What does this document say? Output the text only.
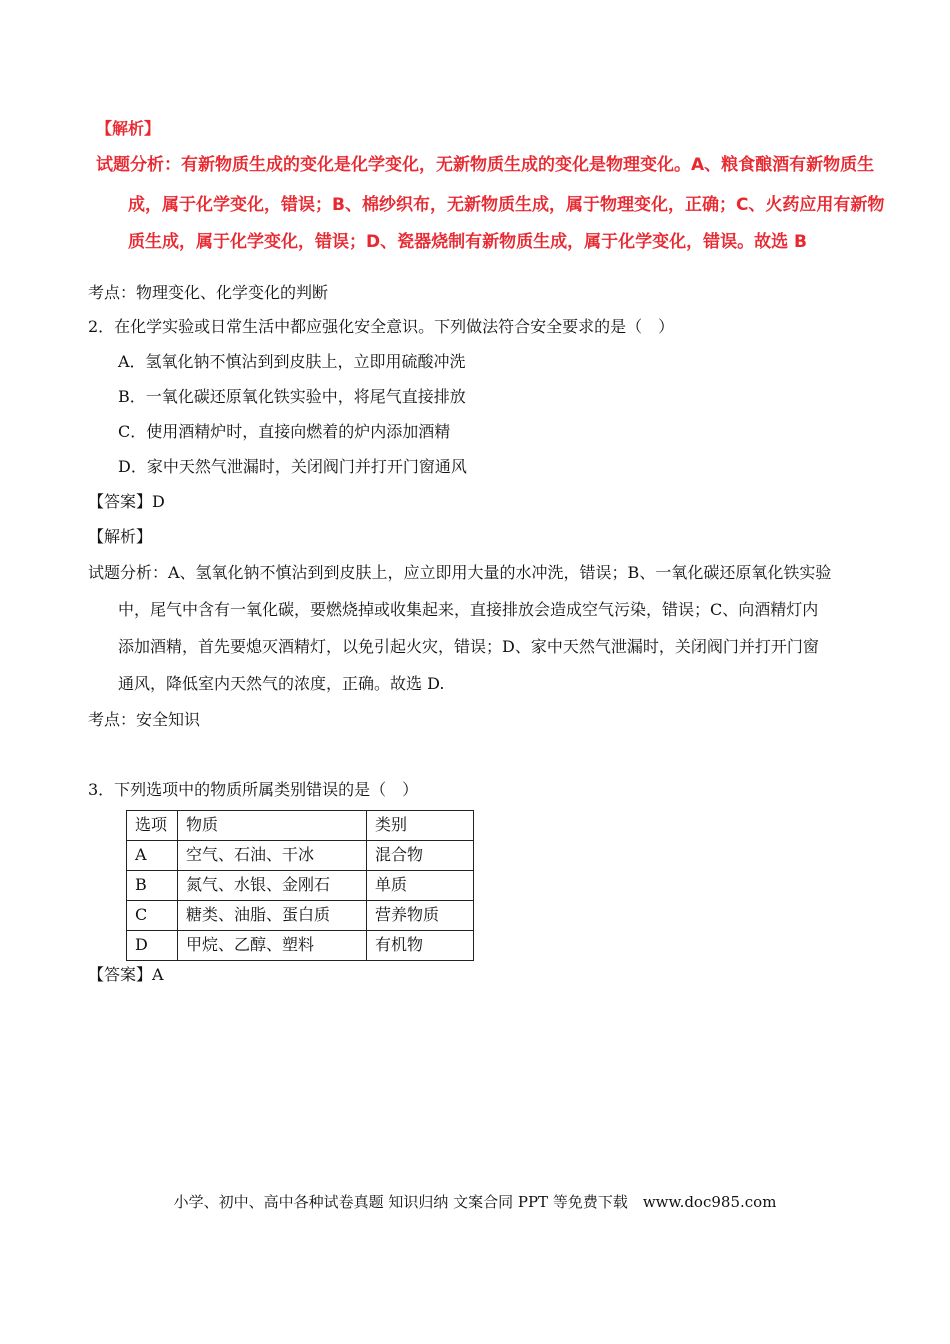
【解析】
试题分析：有新物质生成的变化是化学变化，无新物质生成的变化是物理变化。A、粮食酿酒有新物质生
成，属于化学变化，错误；B、棉纱织布，无新物质生成，属于物理变化，正确；C、火药应用有新物
质生成，属于化学变化，错误；D、瓷器烧制有新物质生成，属于化学变化，错误。故选 B
考点：物理变化、化学变化的判断
2．在化学实验或日常生活中都应强化安全意识。下列做法符合安全要求的是（　）
A．氢氧化钠不慎沾到到皮肤上，立即用硫酸冲洗
B．一氧化碳还原氧化铁实验中，将尾气直接排放
C．使用酒精炉时，直接向燃着的炉内添加酒精
D．家中天然气泄漏时，关闭阀门并打开门窗通风
【答案】D
【解析】
试题分析：A、氢氧化钠不慎沾到到皮肤上，应立即用大量的水冲洗，错误；B、一氧化碳还原氧化铁实验
中，尾气中含有一氧化碳，要燃烧掉或收集起来，直接排放会造成空气污染，错误；C、向酒精灯内
添加酒精，首先要熄灭酒精灯，以免引起火灾，错误；D、家中天然气泄漏时，关闭阀门并打开门窗
通风，降低室内天然气的浓度，正确。故选 D.
考点：安全知识
3．下列选项中的物质所属类别错误的是（　）
选项	物质	类别
A	空气、石油、干冰	混合物
B	氮气、水银、金刚石	单质
C	糖类、油脂、蛋白质	营养物质
D	甲烷、乙醇、塑料	有机物
【答案】A
小学、初中、高中各种试卷真题 知识归纳 文案合同 PPT 等免费下载　www.doc985.com
